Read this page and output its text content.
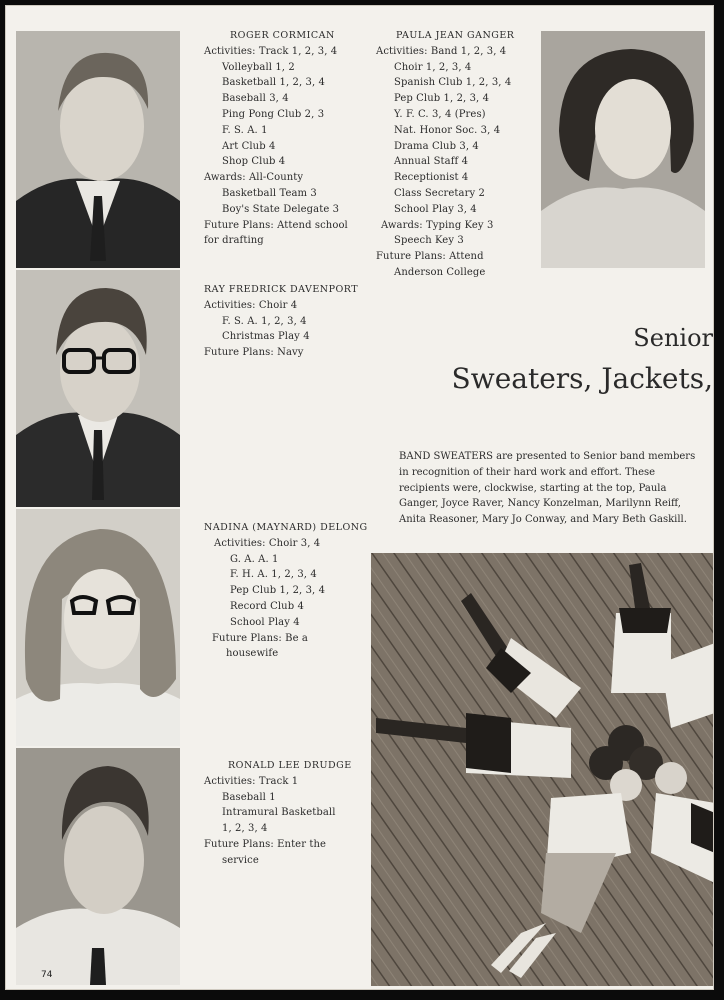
ROGER CORMICAN
Activities: Track 1, 2, 3, 4
Volleyball 1, 2
Basketball 1, 2, 3, 4
Baseball 3, 4
Ping Pong Club 2, 3
F. S. A. 1
Art Club 4
Shop Club 4
Awards: All-County
Basketball Team 3
Boy's State Delegate 3
Future Plans: Attend school
for drafting
PAULA JEAN GANGER
Activities: Band 1, 2, 3, 4
Choir 1, 2, 3, 4
Spanish Club 1, 2, 3, 4
Pep Club 1, 2, 3, 4
Y. F. C. 3, 4 (Pres)
Nat. Honor Soc. 3, 4
Drama Club 3, 4
Annual Staff 4
Receptionist 4
Class Secretary 2
School Play 3, 4
Awards: Typing Key 3
Speech Key 3
Future Plans: Attend
Anderson College
RAY FREDRICK DAVENPORT
Activities: Choir 4
F. S. A. 1, 2, 3, 4
Christmas Play 4
Future Plans: Navy
Senior
Sweaters, Jackets,
BAND SWEATERS are presented to Senior band members in recognition of their hard work and effort. These recipients were, clockwise, starting at the top, Paula Ganger, Joyce Raver, Nancy Konzelman, Marilynn Reiff, Anita Reasoner, Mary Jo Conway, and Mary Beth Gaskill.
NADINA (MAYNARD) DELONG
Activities: Choir 3, 4
G. A. A. 1
F. H. A. 1, 2, 3, 4
Pep Club 1, 2, 3, 4
Record Club 4
School Play 4
Future Plans: Be a
housewife
RONALD LEE DRUDGE
Activities: Track 1
Baseball 1
Intramural Basketball
1, 2, 3, 4
Future Plans: Enter the
service
74
